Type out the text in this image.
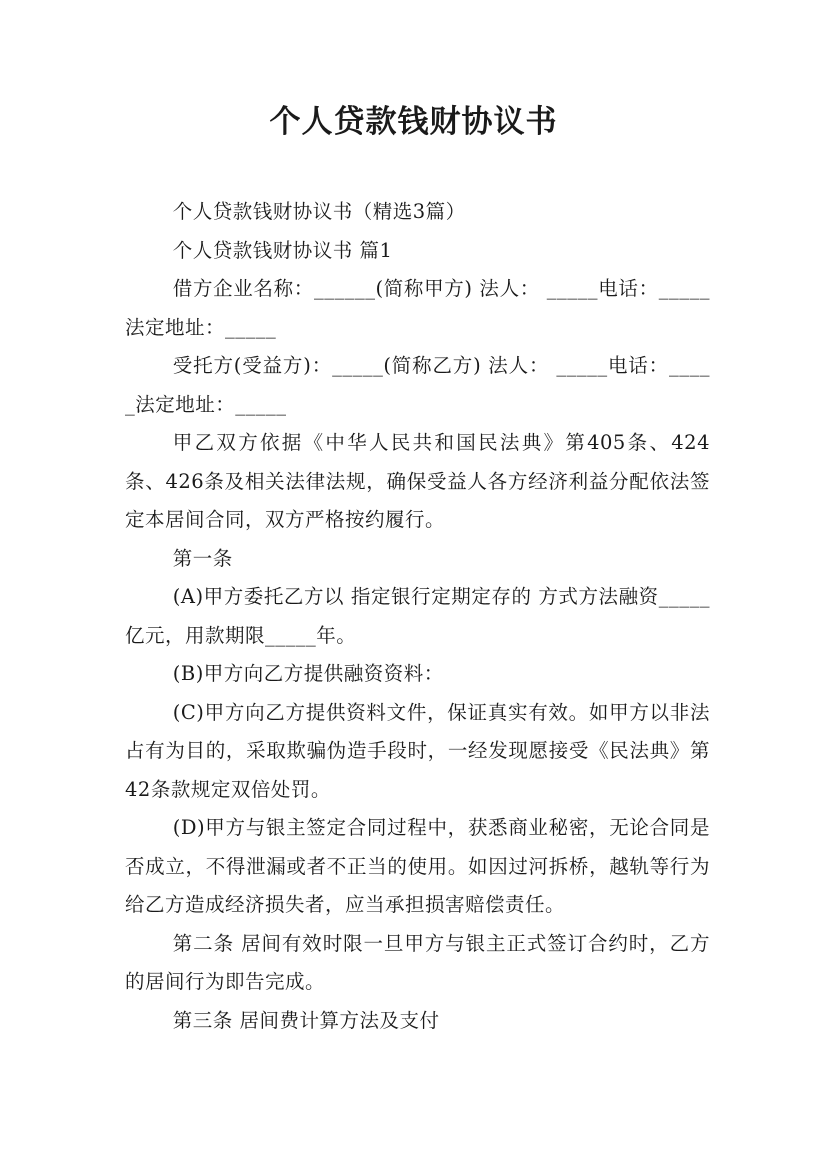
个人贷款钱财协议书

个人贷款钱财协议书（精选3篇）

个人贷款钱财协议书 篇1

借方企业名称：______(简称甲方) 法人： _____电话：_____法定地址：_____

受托方(受益方)：_____(简称乙方) 法人： _____电话：_____法定地址：_____

甲乙双方依据《中华人民共和国民法典》第405条、424条、426条及相关法律法规，确保受益人各方经济利益分配依法签定本居间合同，双方严格按约履行。

第一条

(A)甲方委托乙方以 指定银行定期定存的 方式方法融资_____亿元，用款期限_____年。

(B)甲方向乙方提供融资资料：

(C)甲方向乙方提供资料文件，保证真实有效。如甲方以非法占有为目的，采取欺骗伪造手段时，一经发现愿接受《民法典》第42条款规定双倍处罚。

(D)甲方与银主签定合同过程中，获悉商业秘密，无论合同是否成立，不得泄漏或者不正当的使用。如因过河拆桥，越轨等行为给乙方造成经济损失者，应当承担损害赔偿责任。

第二条 居间有效时限一旦甲方与银主正式签订合约时，乙方的居间行为即告完成。

第三条 居间费计算方法及支付
